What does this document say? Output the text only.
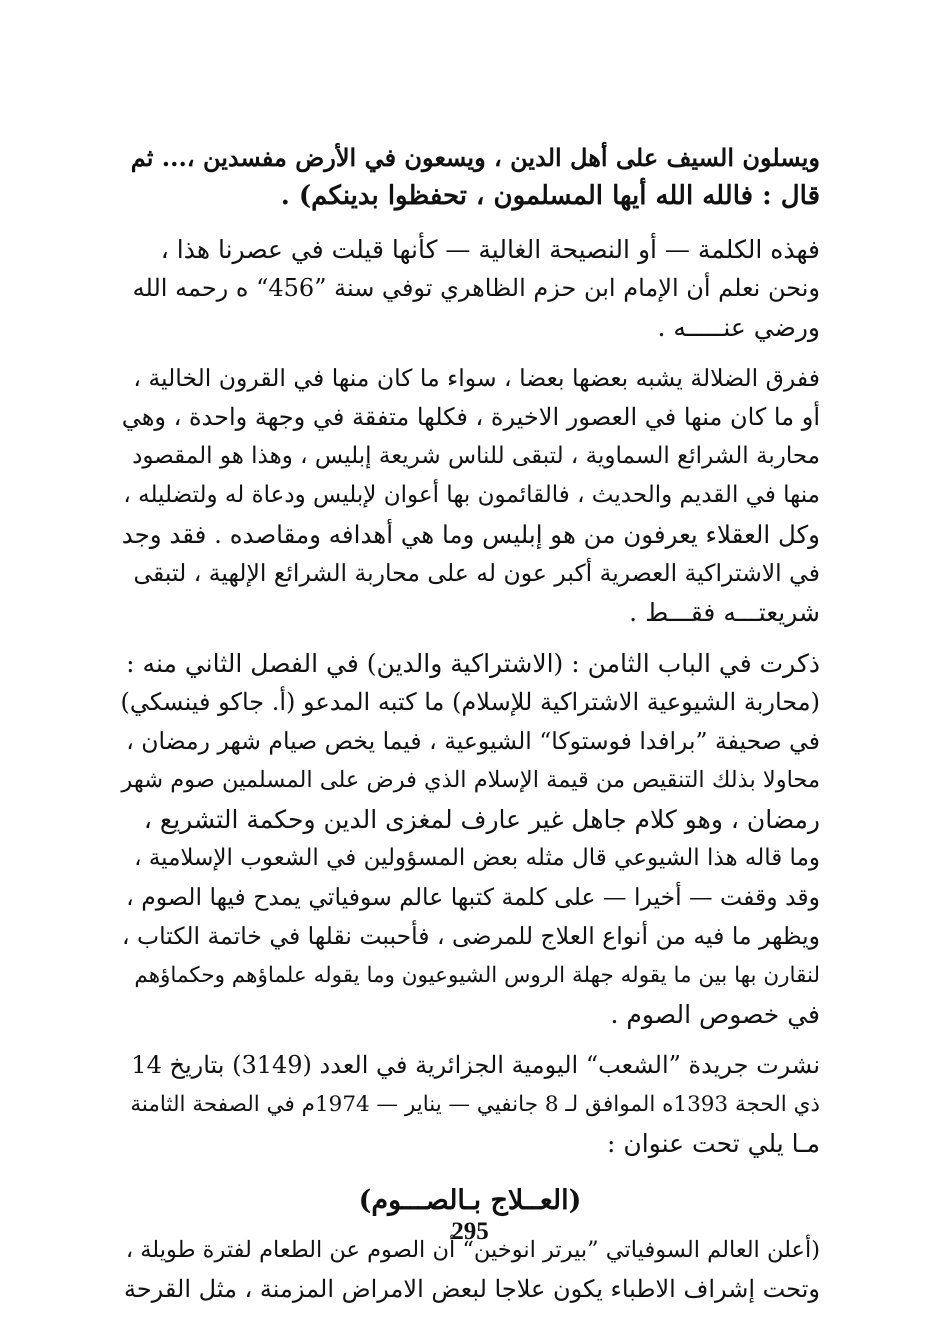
ويسلون السيف على أهل الدين ، ويسعون في الأرض مفسدين ،... ثم
قال : فالله الله أيها المسلمون ، تحفظوا بدينكم) .
فهذه الكلمة — أو النصيحة الغالية — كأنها قيلت في عصرنا هذا ،
ونحن نعلم أن الإمام ابن حزم الظاهري توفي سنة ”456“ ه رحمه الله
ورضي عنـــــه .
ففرق الضلالة يشبه بعضها بعضا ، سواء ما كان منها في القرون الخالية ،
أو ما كان منها في العصور الاخيرة ، فكلها متفقة في وجهة واحدة ، وهي
محاربة الشرائع السماوية ، لتبقى للناس شريعة إبليس ، وهذا هو المقصود
منها في القديم والحديث ، فالقائمون بها أعوان لإبليس ودعاة له ولتضليله ،
وكل العقلاء يعرفون من هو إبليس وما هي أهدافه ومقاصده . فقد وجد
في الاشتراكية العصرية أكبر عون له على محاربة الشرائع الإلهية ، لتبقى
شريعتـــه فقـــط .
ذكرت في الباب الثامن : (الاشتراكية والدين) في الفصل الثاني منه :
(محاربة الشيوعية الاشتراكية للإسلام) ما كتبه المدعو (أ. جاكو فينسكي)
في صحيفة ”برافدا فوستوكا“ الشيوعية ، فيما يخص صيام شهر رمضان ،
محاولا بذلك التنقيص من قيمة الإسلام الذي فرض على المسلمين صوم شهر
رمضان ، وهو كلام جاهل غير عارف لمغزى الدين وحكمة التشريع ،
وما قاله هذا الشيوعي قال مثله بعض المسؤولين في الشعوب الإسلامية ،
وقد وقفت — أخيرا — على كلمة كتبها عالم سوفياتي يمدح فيها الصوم ،
ويظهر ما فيه من أنواع العلاج للمرضى ، فأحببت نقلها في خاتمة الكتاب ،
لنقارن بها بين ما يقوله جهلة الروس الشيوعيون وما يقوله علماؤهم وحكماؤهم
في خصوص الصوم .
نشرت جريدة ”الشعب“ اليومية الجزائرية في العدد (3149) بتاريخ 14
ذي الحجة 1393ه الموافق لـ 8 جانفيي — يناير — 1974م في الصفحة الثامنة
مـا يلي تحت عنوان :
(العــلاج بـالصـــوم)
(أعلن العالم السوفياتي ”بيرتر انوخين“ أن الصوم عن الطعام لفترة طويلة ،
وتحت إشراف الاطباء يكون علاجا لبعض الامراض المزمنة ، مثل القرحة
295
